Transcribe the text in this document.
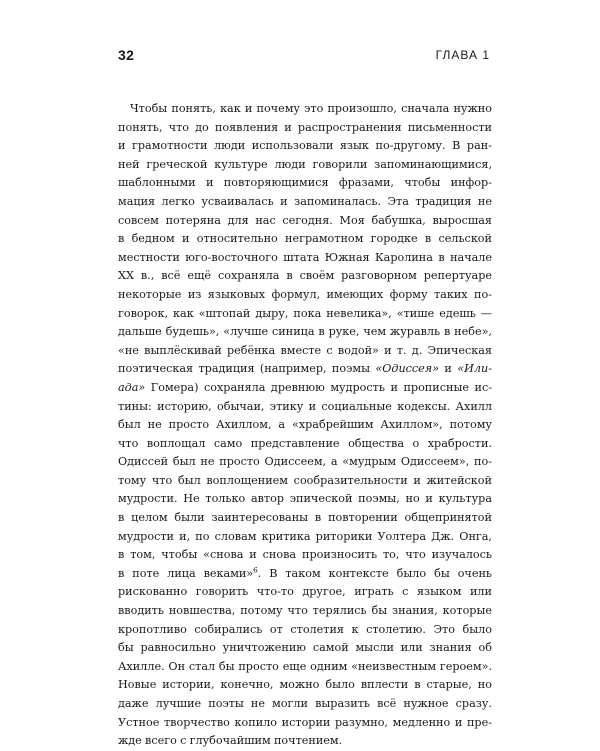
32	ГЛАВА 1
Чтобы понять, как и почему это произошло, сначала нужно
понять, что до появления и распространения письменности
и грамотности люди использовали язык по-другому. В ран-
ней греческой культуре люди говорили запоминающимися,
шаблонными и повторяющимися фразами, чтобы инфор-
мация легко усваивалась и запоминалась. Эта традиция не
совсем потеряна для нас сегодня. Моя бабушка, выросшая
в бедном и относительно неграмотном городке в сельской
местности юго-восточного штата Южная Каролина в начале
XX в., всё ещё сохраняла в своём разговорном репертуаре
некоторые из языковых формул, имеющих форму таких по-
говорок, как «штопай дыру, пока невелика», «тише едешь —
дальше будешь», «лучше синица в руке, чем журавль в небе»,
«не выплёскивай ребёнка вместе с водой» и т. д. Эпическая
поэтическая традиция (например, поэмы «Одиссея» и «Или-
ада» Гомера) сохраняла древнюю мудрость и прописные ис-
тины: историю, обычаи, этику и социальные кодексы. Ахилл
был не просто Ахиллом, а «храбрейшим Ахиллом», потому
что воплощал само представление общества о храбрости.
Одиссей был не просто Одиссеем, а «мудрым Одиссеем», по-
тому что был воплощением сообразительности и житейской
мудрости. Не только автор эпической поэмы, но и культура
в целом были заинтересованы в повторении общепринятой
мудрости и, по словам критика риторики Уолтера Дж. Онга,
в том, чтобы «снова и снова произносить то, что изучалось
в поте лица веками»$^6$. В таком контексте было бы очень
рискованно говорить что-то другое, играть с языком или
вводить новшества, потому что терялись бы знания, которые
кропотливо собирались от столетия к столетию. Это было
бы равносильно уничтожению самой мысли или знания об
Ахилле. Он стал бы просто еще одним «неизвестным героем».
Новые истории, конечно, можно было вплести в старые, но
даже лучшие поэты не могли выразить всё нужное сразу.
Устное творчество копило истории разумно, медленно и пре-
жде всего с глубочайшим почтением.
